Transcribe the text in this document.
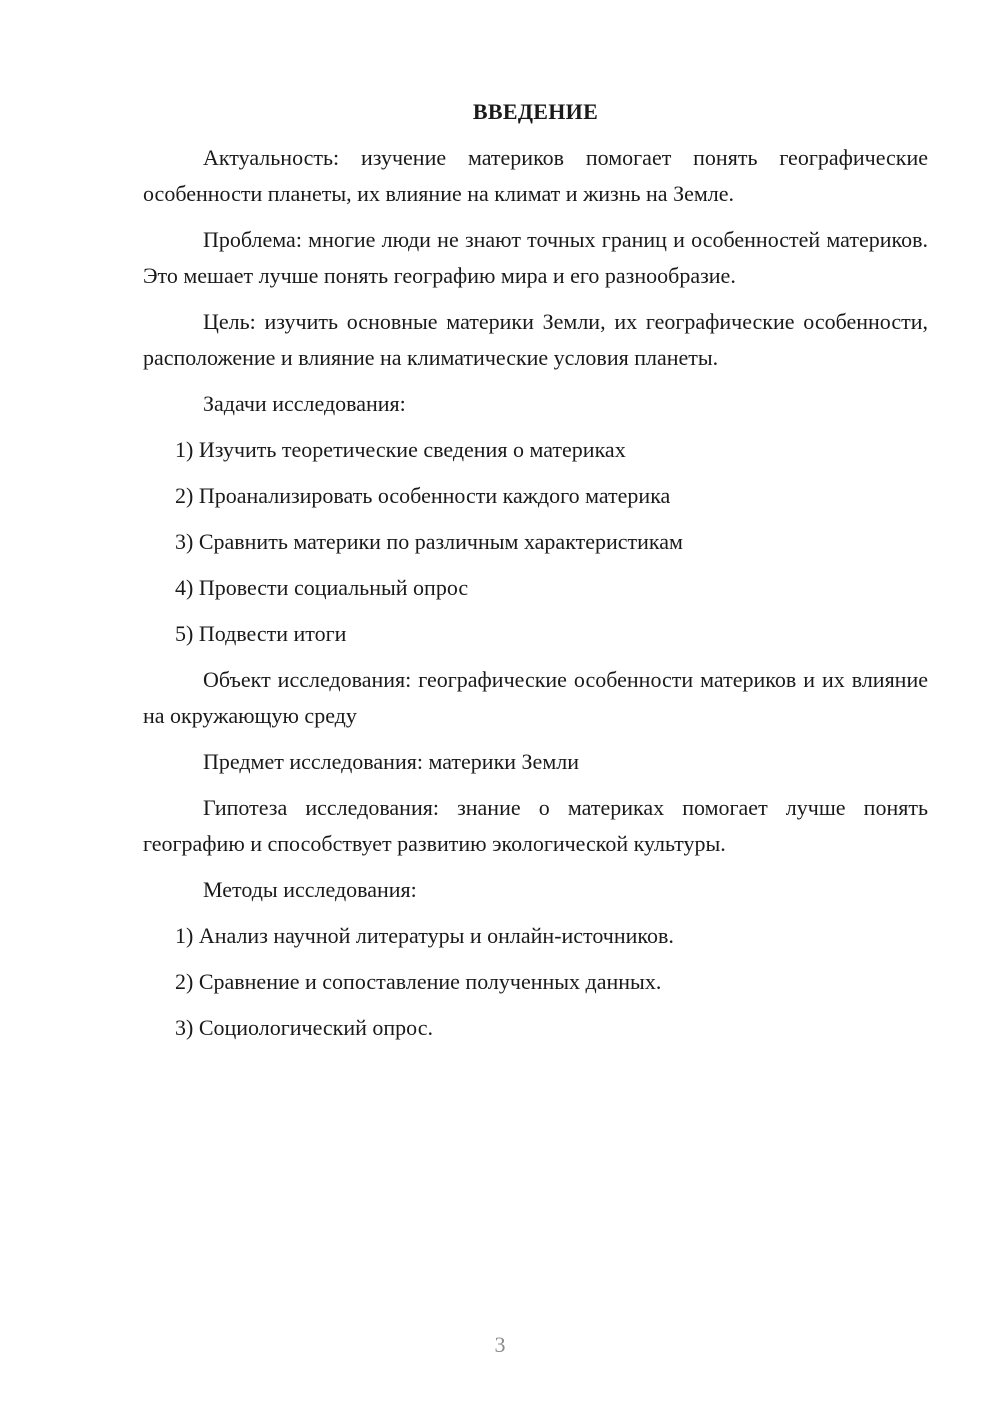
ВВЕДЕНИЕ

Актуальность: изучение материков помогает понять географические особенности планеты, их влияние на климат и жизнь на Земле.

Проблема: многие люди не знают точных границ и особенностей материков. Это мешает лучше понять географию мира и его разнообразие.

Цель: изучить основные материки Земли, их географические особенности, расположение и влияние на климатические условия планеты.

Задачи исследования:

1) Изучить теоретические сведения о материках
2) Проанализировать особенности каждого материка
3) Сравнить материки по различным характеристикам
4) Провести социальный опрос
5) Подвести итоги

Объект исследования: географические особенности материков и их влияние на окружающую среду

Предмет исследования: материки Земли

Гипотеза исследования: знание о материках помогает лучше понять географию и способствует развитию экологической культуры.

Методы исследования:

1) Анализ научной литературы и онлайн-источников.
2) Сравнение и сопоставление полученных данных.
3) Социологический опрос.
3
